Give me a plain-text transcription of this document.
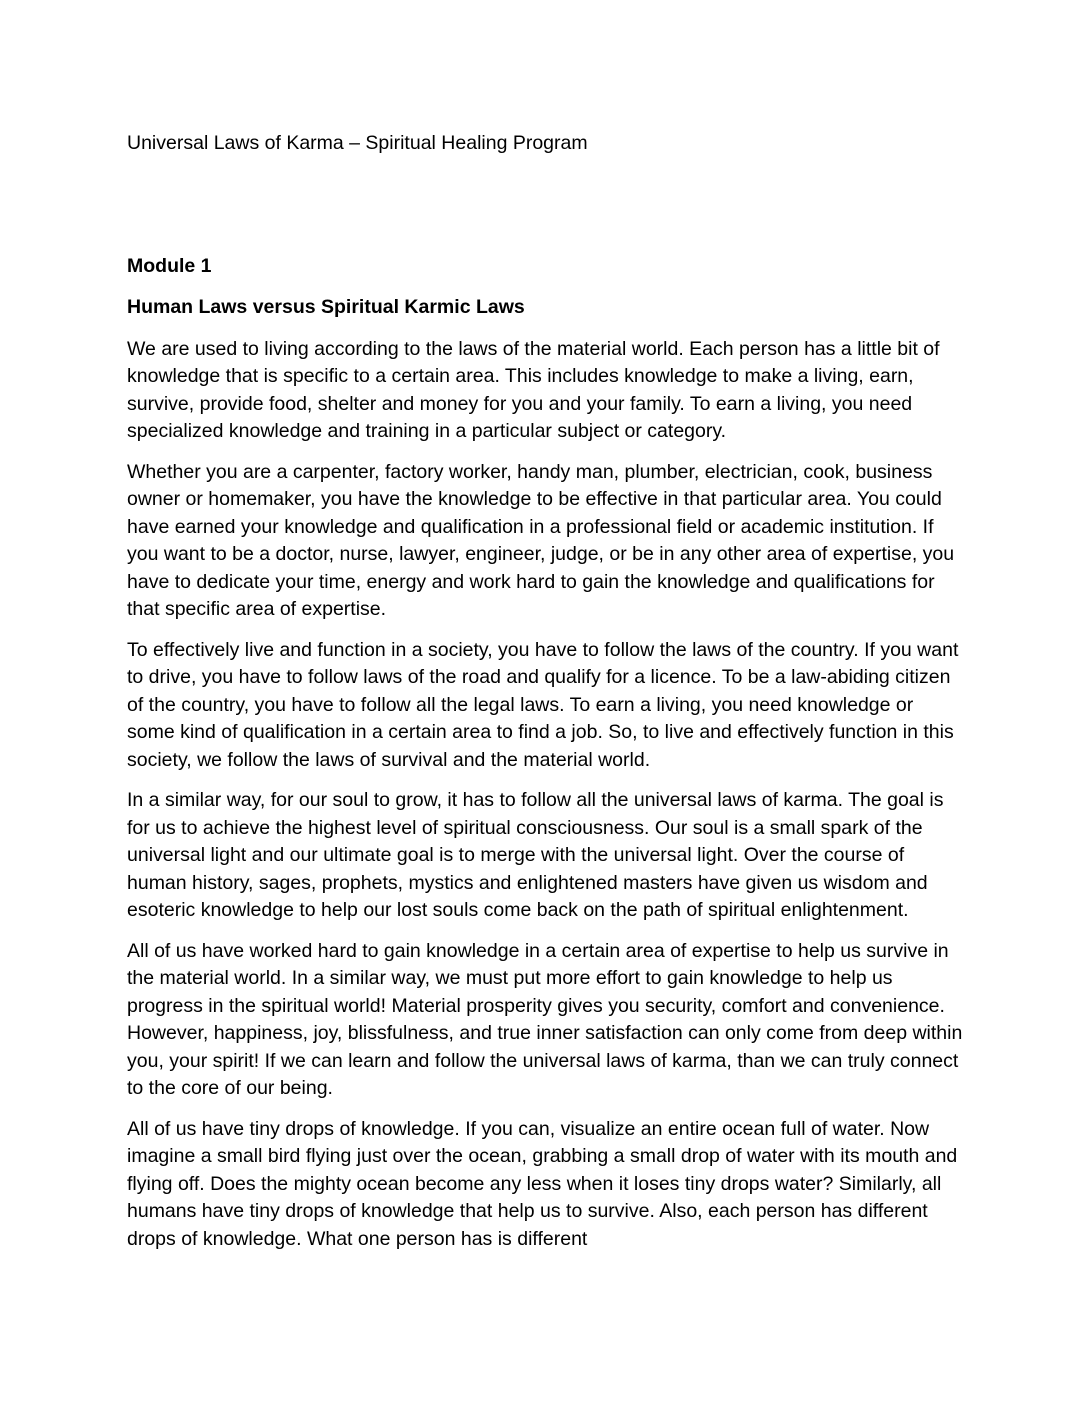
Universal Laws of Karma – Spiritual Healing Program

Module 1

Human Laws versus Spiritual Karmic Laws

We are used to living according to the laws of the material world. Each person has a little bit of knowledge that is specific to a certain area. This includes knowledge to make a living, earn, survive, provide food, shelter and money for you and your family. To earn a living, you need specialized knowledge and training in a particular subject or category.

Whether you are a carpenter, factory worker, handy man, plumber, electrician, cook, business owner or homemaker, you have the knowledge to be effective in that particular area. You could have earned your knowledge and qualification in a professional field or academic institution. If you want to be a doctor, nurse, lawyer, engineer, judge, or be in any other area of expertise, you have to dedicate your time, energy and work hard to gain the knowledge and qualifications for that specific area of expertise.

To effectively live and function in a society, you have to follow the laws of the country. If you want to drive, you have to follow laws of the road and qualify for a licence. To be a law-abiding citizen of the country, you have to follow all the legal laws. To earn a living, you need knowledge or some kind of qualification in a certain area to find a job. So, to live and effectively function in this society, we follow the laws of survival and the material world.

In a similar way, for our soul to grow, it has to follow all the universal laws of karma. The goal is for us to achieve the highest level of spiritual consciousness. Our soul is a small spark of the universal light and our ultimate goal is to merge with the universal light. Over the course of human history, sages, prophets, mystics and enlightened masters have given us wisdom and esoteric knowledge to help our lost souls come back on the path of spiritual enlightenment.

All of us have worked hard to gain knowledge in a certain area of expertise to help us survive in the material world. In a similar way, we must put more effort to gain knowledge to help us progress in the spiritual world! Material prosperity gives you security, comfort and convenience. However, happiness, joy, blissfulness, and true inner satisfaction can only come from deep within you, your spirit! If we can learn and follow the universal laws of karma, than we can truly connect to the core of our being.

All of us have tiny drops of knowledge. If you can, visualize an entire ocean full of water. Now imagine a small bird flying just over the ocean, grabbing a small drop of water with its mouth and flying off. Does the mighty ocean become any less when it loses tiny drops water? Similarly, all humans have tiny drops of knowledge that help us to survive. Also, each person has different drops of knowledge. What one person has is different
